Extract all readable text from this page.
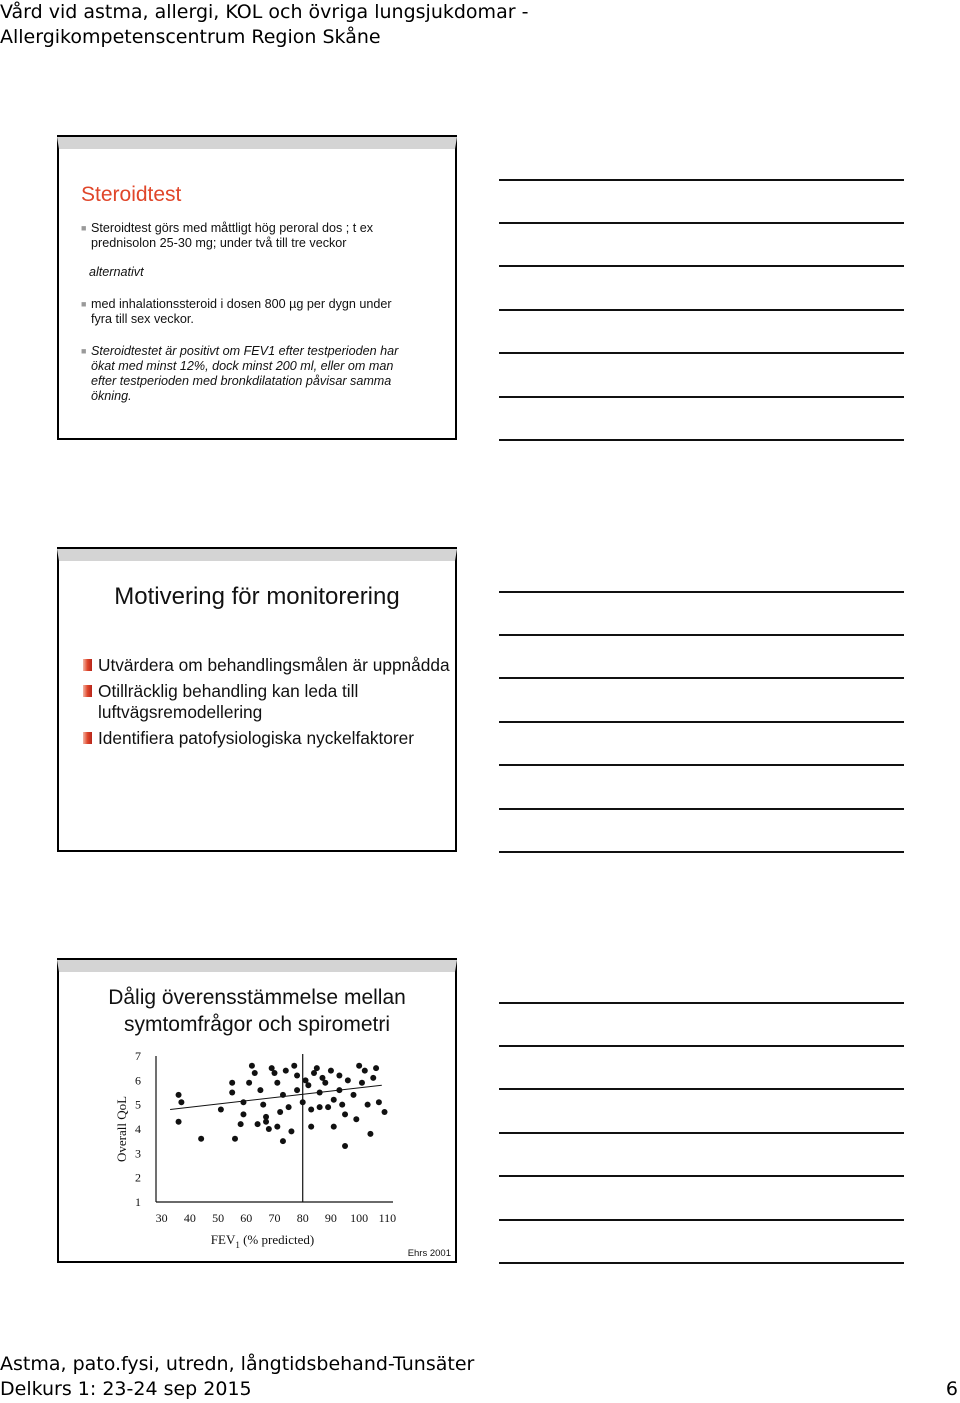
Vård vid astma, allergi, KOL och övriga lungsjukdomar -
Allergikompetenscentrum Region Skåne
Steroidtest
■ Steroidtest görs med måttligt hög peroral dos ; t ex
prednisolon 25-30 mg; under två till tre veckor
alternativt
■ med inhalationssteroid i dosen 800 µg per dygn under
fyra till sex veckor.
■ Steroidtestet är positivt om FEV1 efter testperioden har
ökat med minst 12%, dock minst 200 ml, eller om man
efter testperioden med bronkdilatation påvisar samma
ökning.
Motivering för monitorering
Utvärdera om behandlingsmålen är uppnådda
Otillräcklig behandling kan leda till luftvägsremodellering
Identifiera patofysiologiska nyckelfaktorer
Dålig överensstämmelse mellan
symtomfrågor och spirometri
1
2
3
4
5
6
7
30 40 50 60 70 80 90 100 110
Overall QoL
$FEV_1$ (% predicted)
Ehrs 2001
Astma, pato.fysi, utredn, långtidsbehand-Tunsäter
Delkurs 1: 23-24 sep 2015	6
